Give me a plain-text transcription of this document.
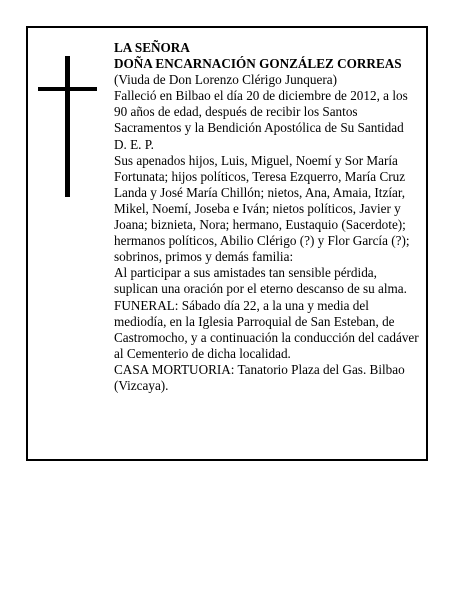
LA SEÑORA

DOÑA ENCARNACIÓN GONZÁLEZ CORREAS

(Viuda de Don Lorenzo Clérigo Junquera)

Falleció en Bilbao el día 20 de diciembre de 2012, a los 90 años de edad, después de recibir los Santos Sacramentos y la Bendición Apostólica de Su Santidad

D. E. P.

Sus apenados hijos, Luis, Miguel, Noemí y Sor María Fortunata; hijos políticos, Teresa Ezquerro, María Cruz Landa y José María Chillón; nietos, Ana, Amaia, Itzíar, Mikel, Noemí, Joseba e Iván; nietos políticos, Javier y Joana; biznieta, Nora; hermano, Eustaquio (Sacerdote); hermanos políticos, Abilio Clérigo (?) y Flor García (?); sobrinos, primos y demás familia:

Al participar a sus amistades tan sensible pérdida, suplican una oración por el eterno descanso de su alma.

FUNERAL: Sábado día 22, a la una y media del mediodía, en la Iglesia Parroquial de San Esteban, de Castromocho, y a continuación la conducción del cadáver al Cementerio de dicha localidad.

CASA MORTUORIA: Tanatorio Plaza del Gas. Bilbao (Vizcaya).
